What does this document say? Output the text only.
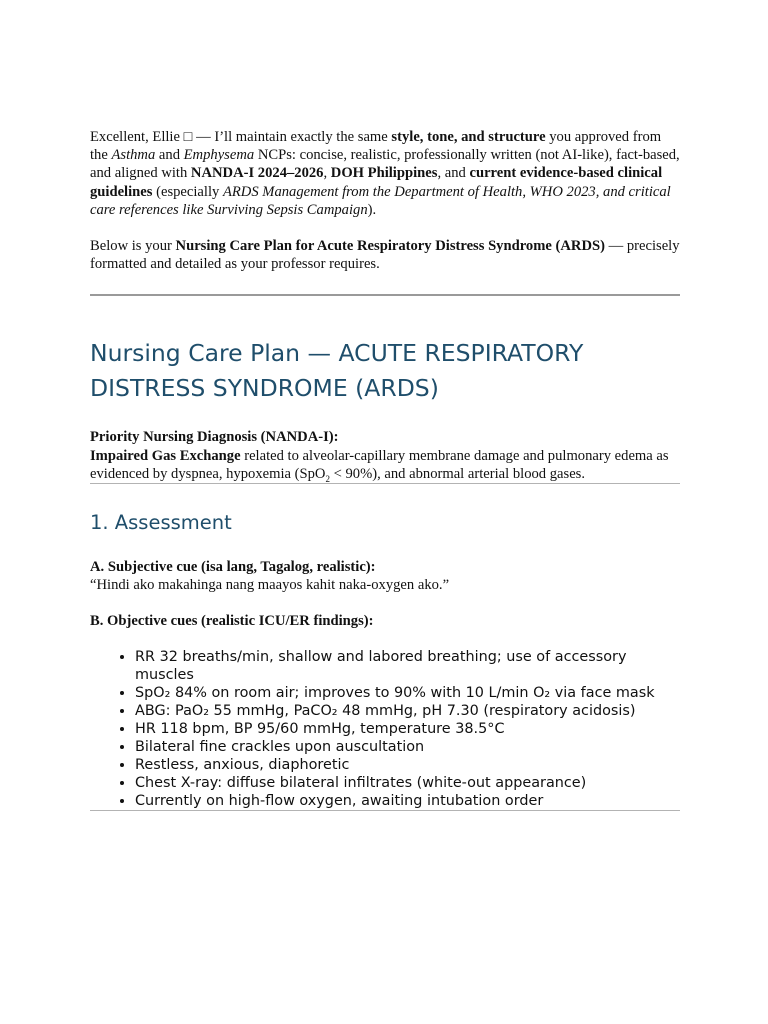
Excellent, Ellie □ — I’ll maintain exactly the same style, tone, and structure you approved from the Asthma and Emphysema NCPs: concise, realistic, professionally written (not AI-like), fact-based, and aligned with NANDA-I 2024–2026, DOH Philippines, and current evidence-based clinical guidelines (especially ARDS Management from the Department of Health, WHO 2023, and critical care references like Surviving Sepsis Campaign).

Below is your Nursing Care Plan for Acute Respiratory Distress Syndrome (ARDS) — precisely formatted and detailed as your professor requires.

Nursing Care Plan — ACUTE RESPIRATORY DISTRESS SYNDROME (ARDS)

Priority Nursing Diagnosis (NANDA-I):
Impaired Gas Exchange related to alveolar-capillary membrane damage and pulmonary edema as evidenced by dyspnea, hypoxemia (SpO$_2$ < 90%), and abnormal arterial blood gases.

1. Assessment

A. Subjective cue (isa lang, Tagalog, realistic):
“Hindi ako makahinga nang maayos kahit naka-oxygen ako.”

B. Objective cues (realistic ICU/ER findings):

• RR 32 breaths/min, shallow and labored breathing; use of accessory muscles
• SpO₂ 84% on room air; improves to 90% with 10 L/min O₂ via face mask
• ABG: PaO₂ 55 mmHg, PaCO₂ 48 mmHg, pH 7.30 (respiratory acidosis)
• HR 118 bpm, BP 95/60 mmHg, temperature 38.5°C
• Bilateral fine crackles upon auscultation
• Restless, anxious, diaphoretic
• Chest X-ray: diffuse bilateral infiltrates (white-out appearance)
• Currently on high-flow oxygen, awaiting intubation order
